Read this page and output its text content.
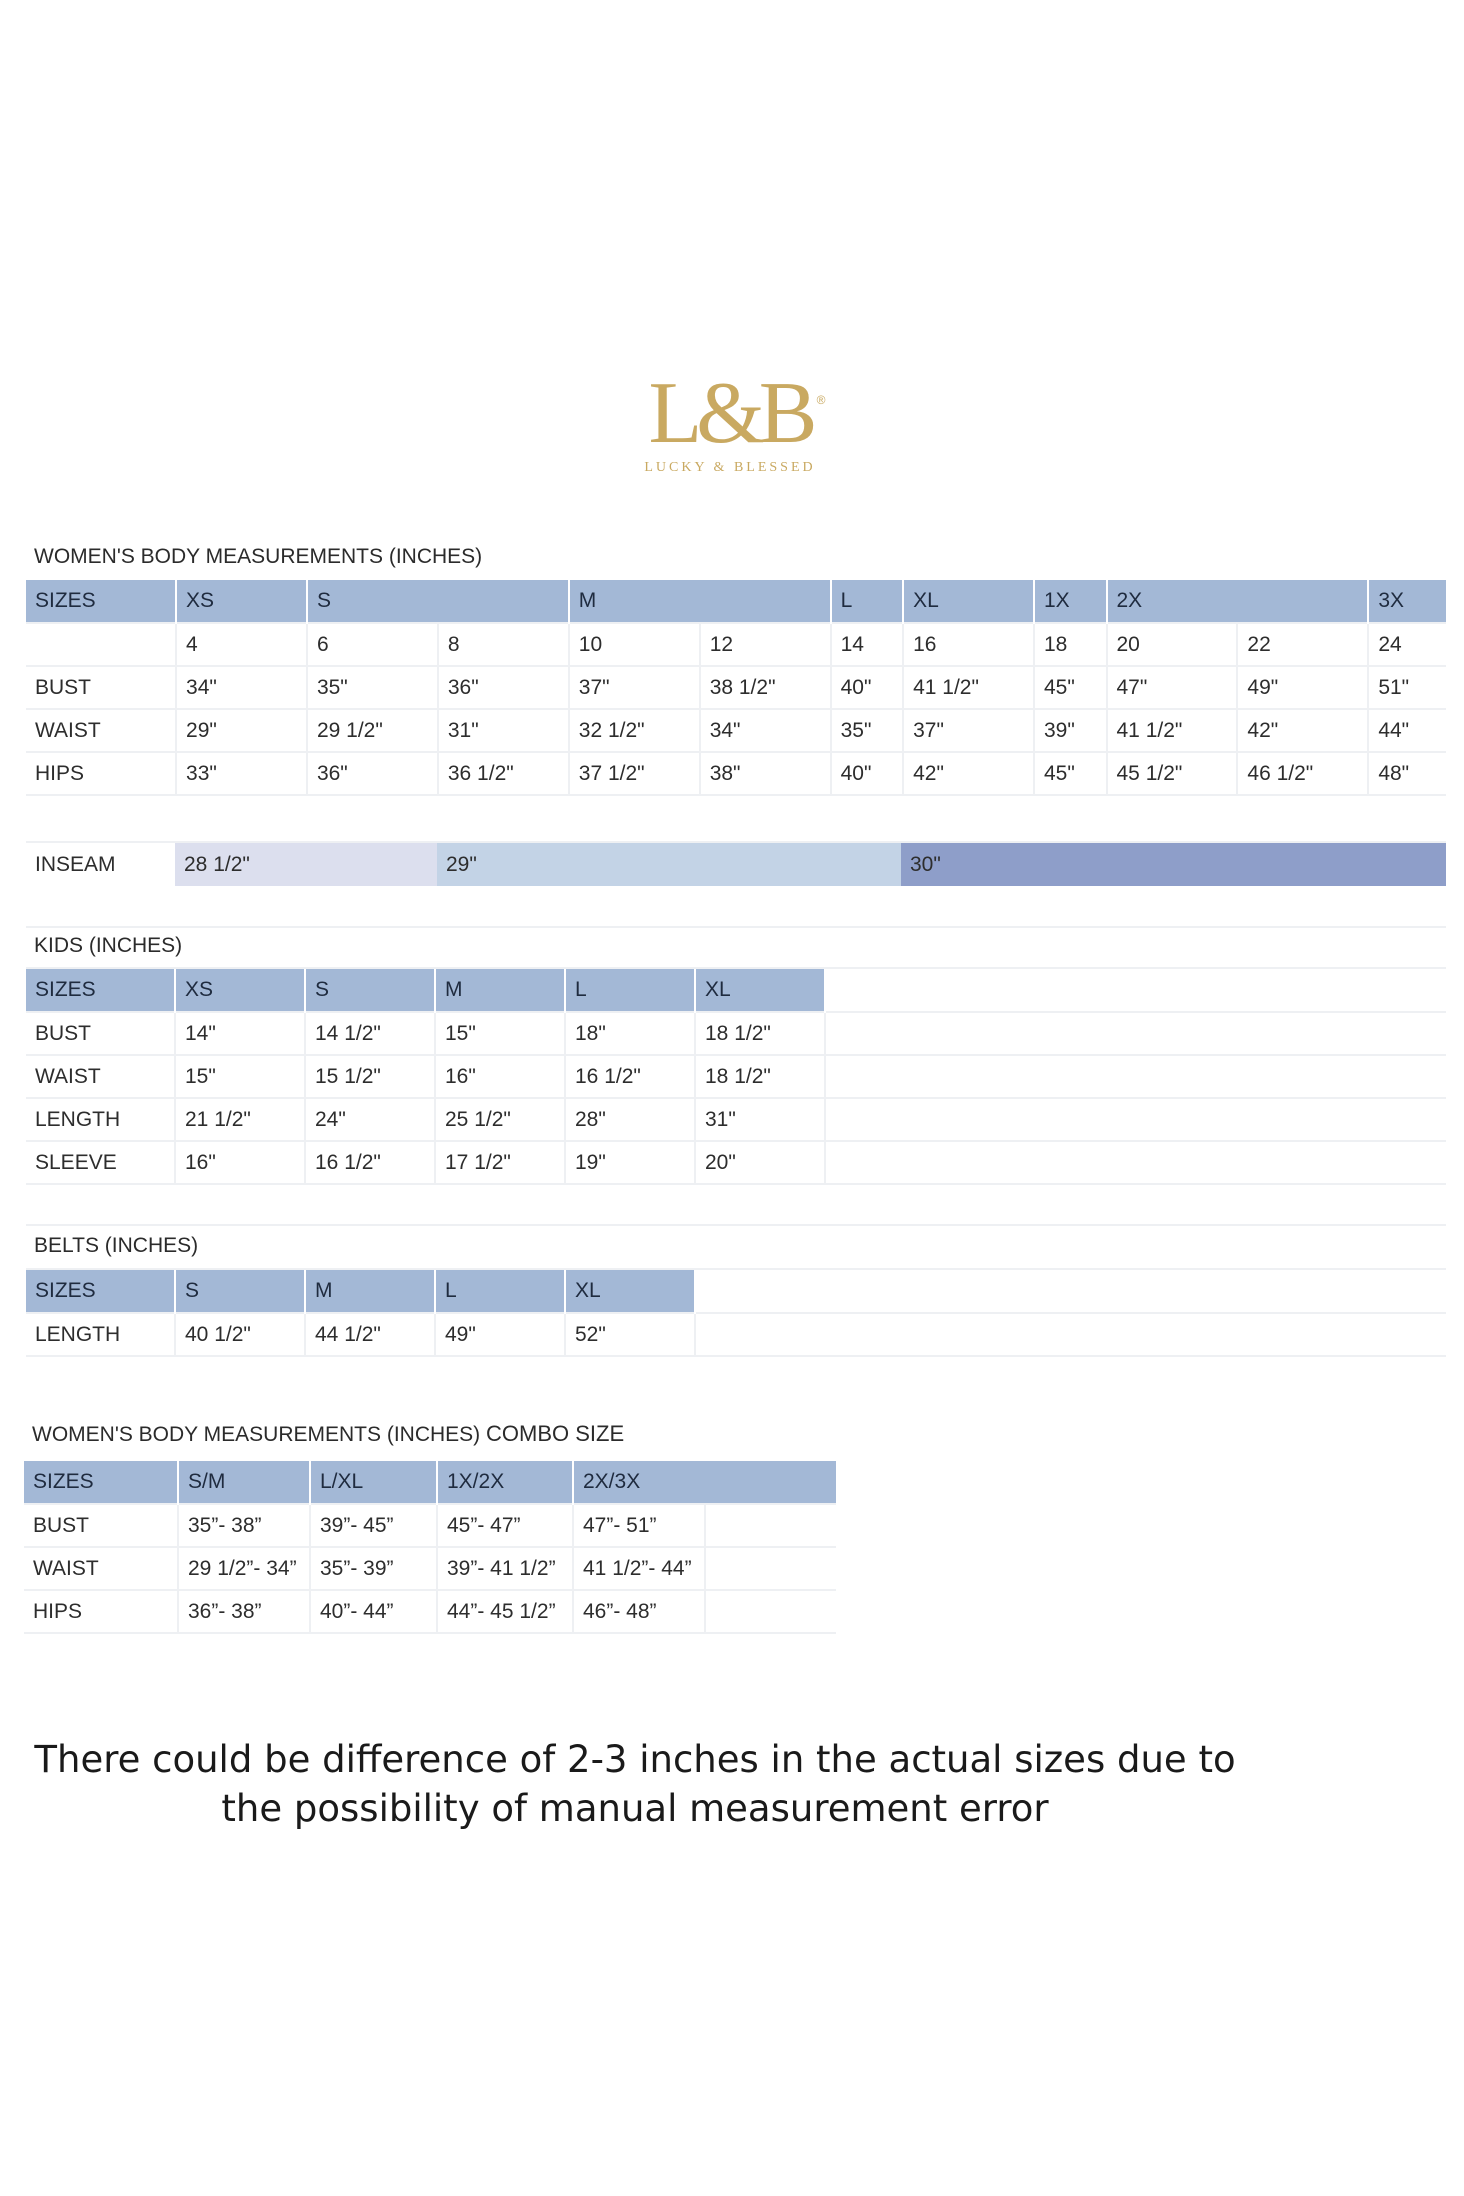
L&B ®
LUCKY & BLESSED
WOMEN'S BODY MEASUREMENTS (INCHES)
SIZES	XS	S		M		L	XL	1X	2X		3X
	4	6	8	10	12	14	16	18	20	22	24
BUST	34"	35"	36"	37"	38 1/2"	40"	41 1/2"	45"	47"	49"	51"
WAIST	29"	29 1/2"	31"	32 1/2"	34"	35"	37"	39"	41 1/2"	42"	44"
HIPS	33"	36"	36 1/2"	37 1/2"	38"	40"	42"	45"	45 1/2"	46 1/2"	48"
INSEAM	28 1/2"	29"	30"
KIDS (INCHES)
SIZES	XS	S	M	L	XL	
BUST	14"	14 1/2"	15"	18"	18 1/2"	
WAIST	15"	15 1/2"	16"	16 1/2"	18 1/2"	
LENGTH	21 1/2"	24"	25 1/2"	28"	31"	
SLEEVE	16"	16 1/2"	17 1/2"	19"	20"	
BELTS (INCHES)
SIZES	S	M	L	XL	
LENGTH	40 1/2"	44 1/2"	49"	52"	
WOMEN'S BODY MEASUREMENTS (INCHES) COMBO SIZE
SIZES	S/M	L/XL	1X/2X	2X/3X	
BUST	35”- 38”	39”- 45”	45”- 47”	47”- 51”	
WAIST	29 1/2”- 34”	35”- 39”	39”- 41 1/2”	41 1/2”- 44”	
HIPS	36”- 38”	40”- 44”	44”- 45 1/2”	46”- 48”	
There could be difference of 2-3 inches in the actual sizes due to
the possibility of manual measurement error
